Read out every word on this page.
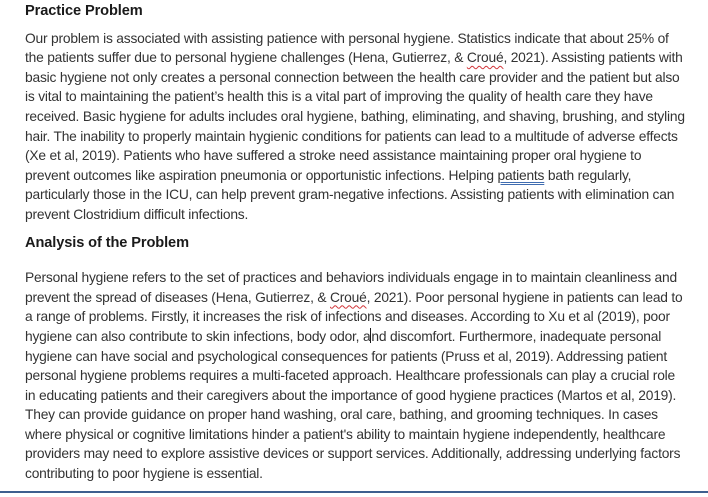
Practice Problem

Our problem is associated with assisting patience with personal hygiene. Statistics indicate that about 25% of the patients suffer due to personal hygiene challenges (Hena, Gutierrez, & Croué, 2021). Assisting patients with basic hygiene not only creates a personal connection between the health care provider and the patient but also is vital to maintaining the patient’s health this is a vital part of improving the quality of health care they have received. Basic hygiene for adults includes oral hygiene, bathing, eliminating, and shaving, brushing, and styling hair. The inability to properly maintain hygienic conditions for patients can lead to a multitude of adverse effects (Xe et al, 2019). Patients who have suffered a stroke need assistance maintaining proper oral hygiene to prevent outcomes like aspiration pneumonia or opportunistic infections. Helping patients bath regularly, particularly those in the ICU, can help prevent gram-negative infections. Assisting patients with elimination can prevent Clostridium difficult infections.

Analysis of the Problem

Personal hygiene refers to the set of practices and behaviors individuals engage in to maintain cleanliness and prevent the spread of diseases (Hena, Gutierrez, & Croué, 2021). Poor personal hygiene in patients can lead to a range of problems. Firstly, it increases the risk of infections and diseases. According to Xu et al (2019), poor hygiene can also contribute to skin infections, body odor, and discomfort. Furthermore, inadequate personal hygiene can have social and psychological consequences for patients (Pruss et al, 2019). Addressing patient personal hygiene problems requires a multi-faceted approach. Healthcare professionals can play a crucial role in educating patients and their caregivers about the importance of good hygiene practices (Martos et al, 2019). They can provide guidance on proper hand washing, oral care, bathing, and grooming techniques. In cases where physical or cognitive limitations hinder a patient's ability to maintain hygiene independently, healthcare providers may need to explore assistive devices or support services. Additionally, addressing underlying factors contributing to poor hygiene is essential.
